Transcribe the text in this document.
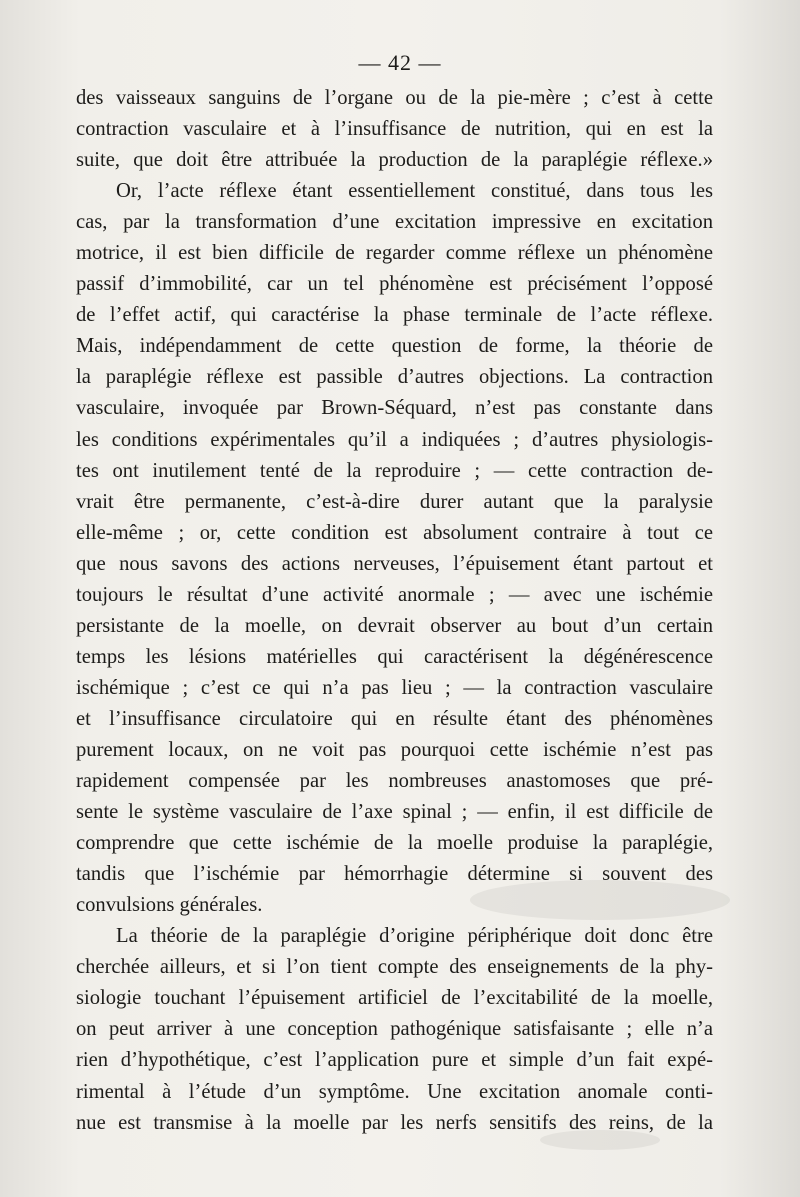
— 42 —
des vaisseaux sanguins de l’organe ou de la pie-mère ; c’est à cette
contraction vasculaire et à l’insuffisance de nutrition, qui en est la
suite, que doit être attribuée la production de la paraplégie réflexe.»
Or, l’acte réflexe étant essentiellement constitué, dans tous les
cas, par la transformation d’une excitation impressive en excitation
motrice, il est bien difficile de regarder comme réflexe un phénomène
passif d’immobilité, car un tel phénomène est précisément l’opposé
de l’effet actif, qui caractérise la phase terminale de l’acte réflexe.
Mais, indépendamment de cette question de forme, la théorie de
la paraplégie réflexe est passible d’autres objections. La contraction
vasculaire, invoquée par Brown-Séquard, n’est pas constante dans
les conditions expérimentales qu’il a indiquées ; d’autres physiologis-
tes ont inutilement tenté de la reproduire ; — cette contraction de-
vrait être permanente, c’est-à-dire durer autant que la paralysie
elle-même ; or, cette condition est absolument contraire à tout ce
que nous savons des actions nerveuses, l’épuisement étant partout et
toujours le résultat d’une activité anormale ; — avec une ischémie
persistante de la moelle, on devrait observer au bout d’un certain
temps les lésions matérielles qui caractérisent la dégénérescence
ischémique ; c’est ce qui n’a pas lieu ; — la contraction vasculaire
et l’insuffisance circulatoire qui en résulte étant des phénomènes
purement locaux, on ne voit pas pourquoi cette ischémie n’est pas
rapidement compensée par les nombreuses anastomoses que pré-
sente le système vasculaire de l’axe spinal ; — enfin, il est difficile de
comprendre que cette ischémie de la moelle produise la paraplégie,
tandis que l’ischémie par hémorrhagie détermine si souvent des
convulsions générales.
La théorie de la paraplégie d’origine périphérique doit donc être
cherchée ailleurs, et si l’on tient compte des enseignements de la phy-
siologie touchant l’épuisement artificiel de l’excitabilité de la moelle,
on peut arriver à une conception pathogénique satisfaisante ; elle n’a
rien d’hypothétique, c’est l’application pure et simple d’un fait expé-
rimental à l’étude d’un symptôme. Une excitation anomale conti-
nue est transmise à la moelle par les nerfs sensitifs des reins, de la
